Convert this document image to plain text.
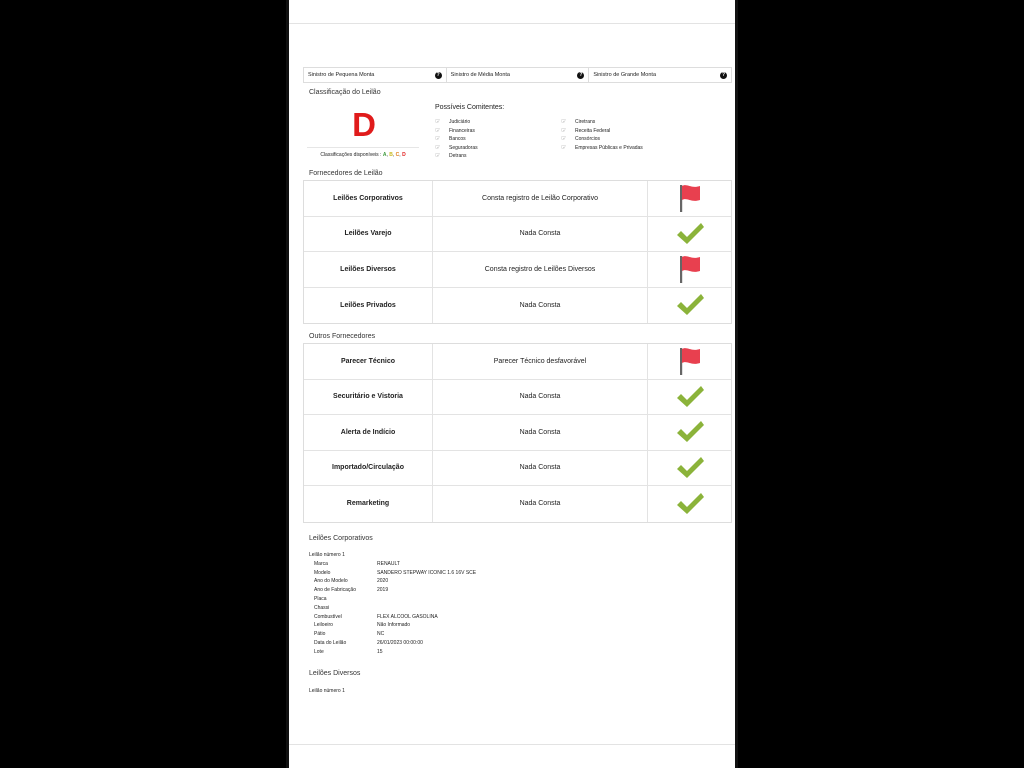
Sinistro de Pequena Monta	?	Sinistro de Média Monta	?	Sinistro de Grande Monta	?
Classificação do Leilão
D
Classificações disponíveis : A, B, C, D
Possíveis Comitentes:
☞	Judiciário
☞	Financeiras
☞	Bancos
☞	Seguradoras
☞	Detrans
☞	Ciretrans
☞	Receita Federal
☞	Consórcios
☞	Empresas Públicas e Privadas
Fornecedores de Leilão
Leilões Corporativos	Consta registro de Leilão Corporativo
Leilões Varejo	Nada Consta
Leilões Diversos	Consta registro de Leilões Diversos
Leilões Privados	Nada Consta
Outros Fornecedores
Parecer Técnico	Parecer Técnico desfavorável
Securitário e Vistoria	Nada Consta
Alerta de Indício	Nada Consta
Importado/Circulação	Nada Consta
Remarketing	Nada Consta
Leilões Corporativos
Leilão número 1
Marca	RENAULT
Modelo	SANDERO STEPWAY ICONIC 1.6 16V SCE
Ano do Modelo	2020
Ano de Fabricação	2019
Placa
Chassi
Combustível	FLEX ALCOOL GASOLINA
Leiloeiro	Não Informado
Pátio	NC
Data do Leilão	26/01/2023 00:00:00
Lote	15
Leilões Diversos
Leilão número 1
